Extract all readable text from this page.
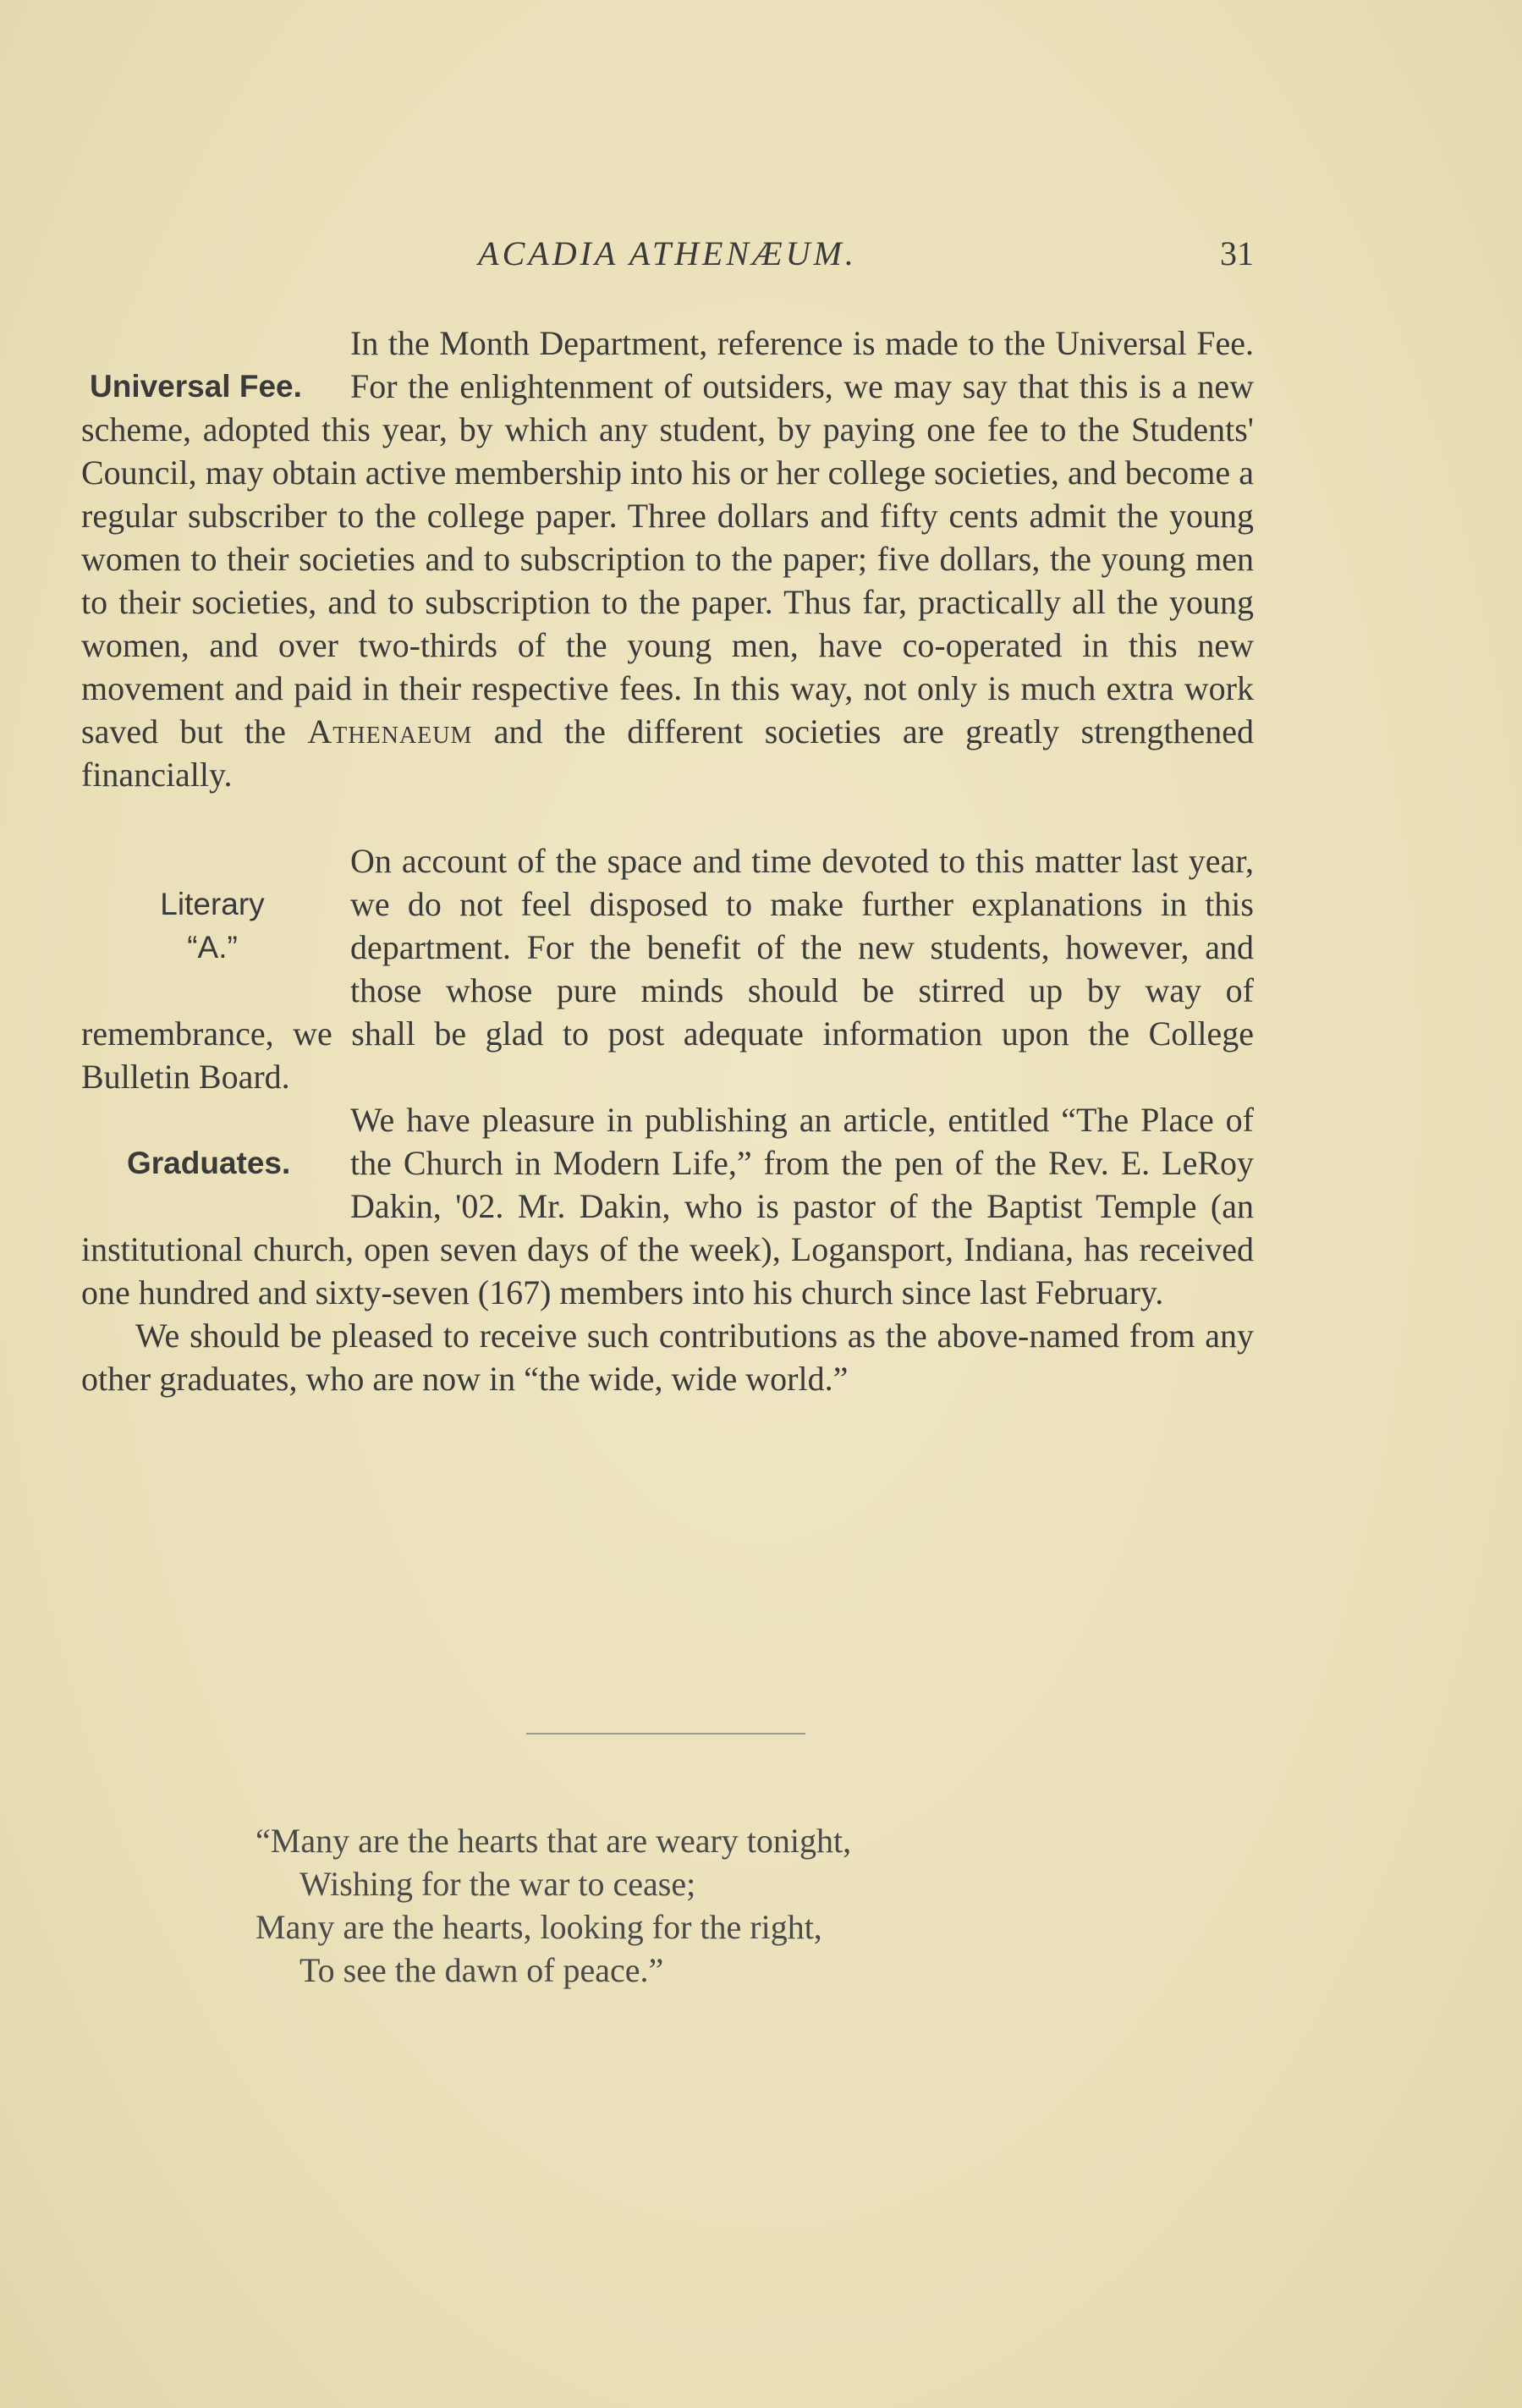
ACADIA ATHENÆUM.	31
Universal Fee.

In the Month Department, reference is made to the Universal Fee. For the enlightenment of outsiders, we may say that this is a new scheme, adopted this year, by which any student, by paying one fee to the Students' Council, may obtain active membership into his or her college societies, and become a regular subscriber to the college paper. Three dollars and fifty cents admit the young women to their societies and to subscription to the paper; five dollars, the young men to their societies, and to subscription to the paper. Thus far, practically all the young women, and over two-thirds of the young men, have co-operated in this new movement and paid in their respective fees. In this way, not only is much extra work saved but the Athenaeum and the different societies are greatly strengthened financially.

Literary
“A.”

On account of the space and time devoted to this matter last year, we do not feel disposed to make further explanations in this department. For the benefit of the new students, however, and those whose pure minds should be stirred up by way of remembrance, we shall be glad to post adequate information upon the College Bulletin Board.

Graduates.

We have pleasure in publishing an article, entitled “The Place of the Church in Modern Life,” from the pen of the Rev. E. LeRoy Dakin, '02. Mr. Dakin, who is pastor of the Baptist Temple (an institutional church, open seven days of the week), Logansport, Indiana, has received one hundred and sixty-seven (167) members into his church since last February.

We should be pleased to receive such contributions as the above-named from any other graduates, who are now in “the wide, wide world.”

“Many are the hearts that are weary tonight,
Wishing for the war to cease;
Many are the hearts, looking for the right,
To see the dawn of peace.”
